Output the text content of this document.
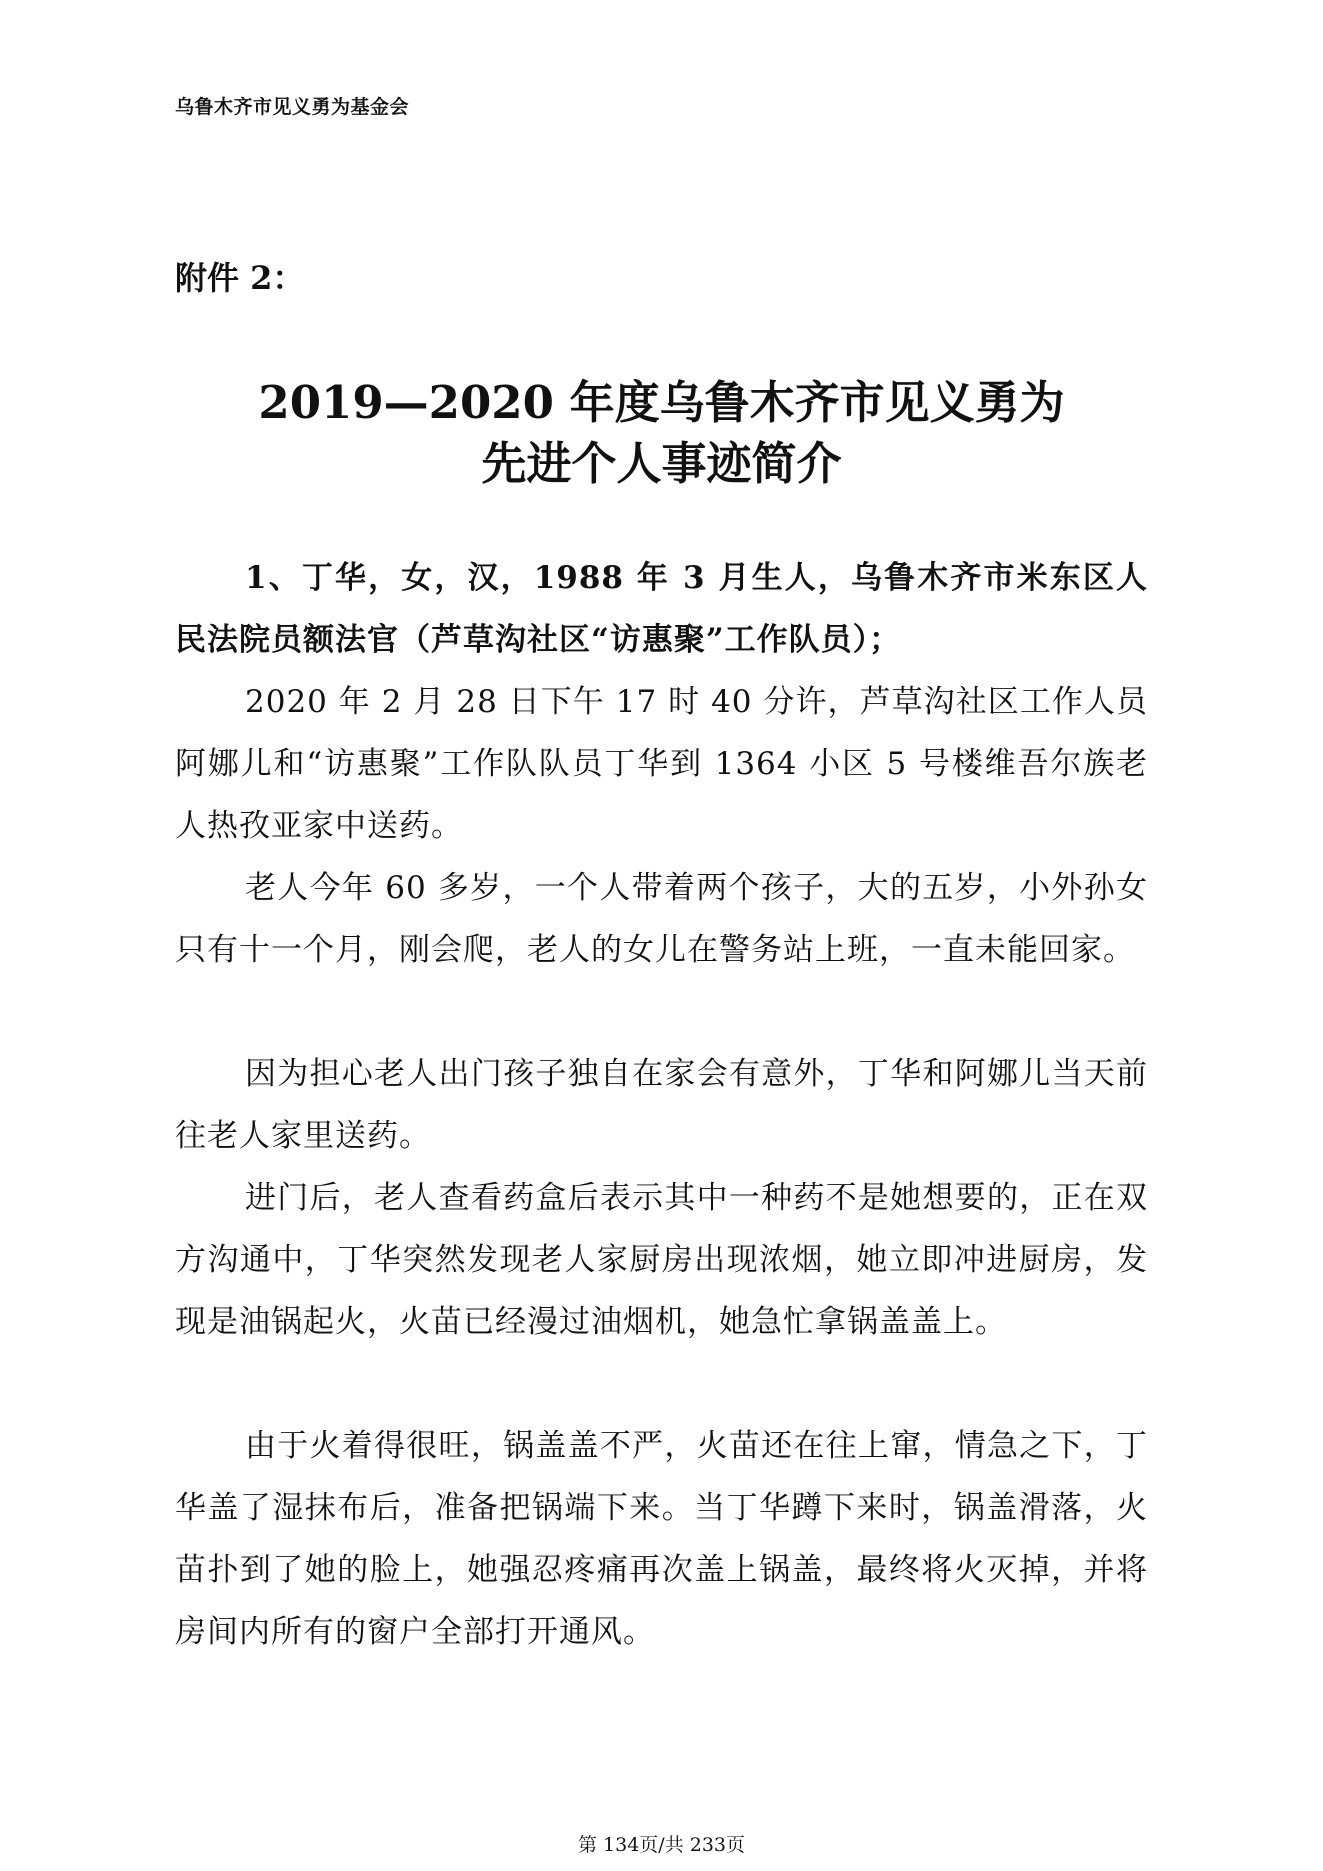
乌鲁木齐市见义勇为基金会
附件 2：
2019—2020 年度乌鲁木齐市见义勇为
先进个人事迹简介

1、丁华，女，汉，1988 年 3 月生人，乌鲁木齐市米东区人民法院员额法官（芦草沟社区“访惠聚”工作队员）；

2020 年 2 月 28 日下午 17 时 40 分许，芦草沟社区工作人员阿娜儿和“访惠聚”工作队队员丁华到 1364 小区 5 号楼维吾尔族老人热孜亚家中送药。

老人今年 60 多岁，一个人带着两个孩子，大的五岁，小外孙女只有十一个月，刚会爬，老人的女儿在警务站上班，一直未能回家。

因为担心老人出门孩子独自在家会有意外，丁华和阿娜儿当天前往老人家里送药。

进门后，老人查看药盒后表示其中一种药不是她想要的，正在双方沟通中，丁华突然发现老人家厨房出现浓烟，她立即冲进厨房，发现是油锅起火，火苗已经漫过油烟机，她急忙拿锅盖盖上。

由于火着得很旺，锅盖盖不严，火苗还在往上窜，情急之下，丁华盖了湿抹布后，准备把锅端下来。当丁华蹲下来时，锅盖滑落，火苗扑到了她的脸上，她强忍疼痛再次盖上锅盖，最终将火灭掉，并将房间内所有的窗户全部打开通风。

第 134页/共 233页
